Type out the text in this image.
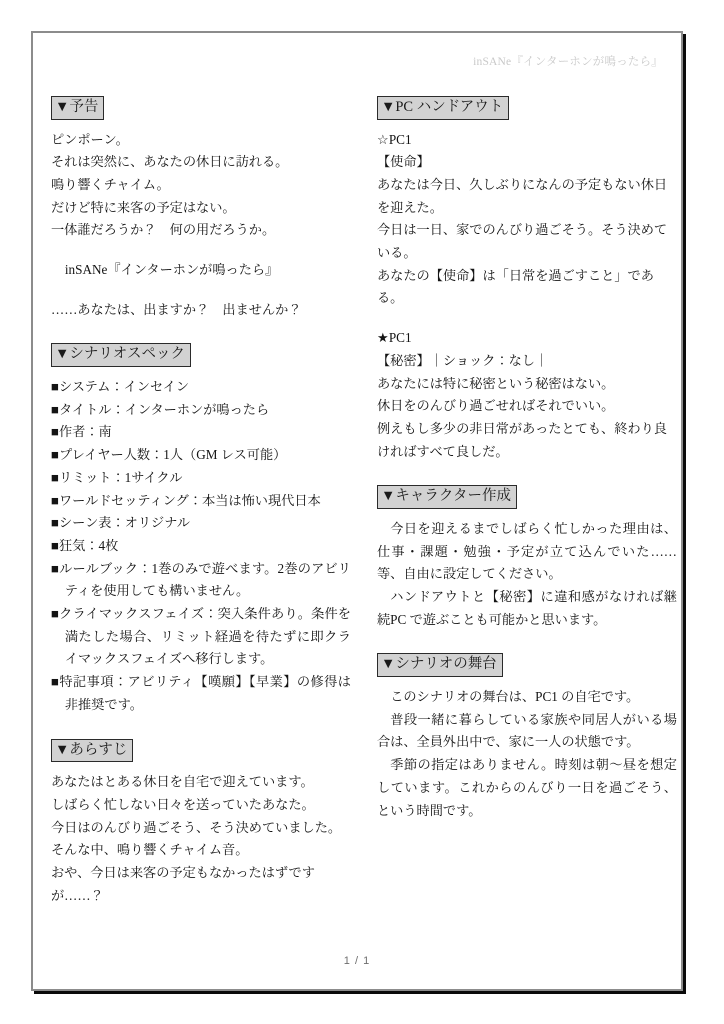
inSANe『インターホンが鳴ったら』
▼予告
ピンポーン。
それは突然に、あなたの休日に訪れる。
鳴り響くチャイム。
だけど特に来客の予定はない。
一体誰だろうか？　何の用だろうか。
inSANe『インターホンが鳴ったら』
……あなたは、出ますか？　出ませんか？
▼シナリオスペック
■システム：インセイン
■タイトル：インターホンが鳴ったら
■作者：南
■プレイヤー人数：1人（GM レス可能）
■リミット：1サイクル
■ワールドセッティング：本当は怖い現代日本
■シーン表：オリジナル
■狂気：4枚
■ルールブック：1巻のみで遊べます。2巻のアビリティを使用しても構いません。
■クライマックスフェイズ：突入条件あり。条件を満たした場合、リミット経過を待たずに即クライマックスフェイズへ移行します。
■特記事項：アビリティ【嘆願】【早業】の修得は非推奨です。
▼あらすじ
あなたはとある休日を自宅で迎えています。
しばらく忙しない日々を送っていたあなた。
今日はのんびり過ごそう、そう決めていました。
そんな中、鳴り響くチャイム音。
おや、今日は来客の予定もなかったはずですが……？
▼PC ハンドアウト
☆PC1
【使命】
あなたは今日、久しぶりになんの予定もない休日を迎えた。
今日は一日、家でのんびり過ごそう。そう決めている。
あなたの【使命】は「日常を過ごすこと」である。
★PC1
【秘密】｜ショック：なし｜
あなたには特に秘密という秘密はない。
休日をのんびり過ごせればそれでいい。
例えもし多少の非日常があったとても、終わり良ければすべて良しだ。
▼キャラクター作成

今日を迎えるまでしばらく忙しかった理由は、仕事・課題・勉強・予定が立て込んでいた……等、自由に設定してください。

ハンドアウトと【秘密】に違和感がなければ継続PC で遊ぶことも可能かと思います。

▼シナリオの舞台

このシナリオの舞台は、PC1 の自宅です。

普段一緒に暮らしている家族や同居人がいる場合は、全員外出中で、家に一人の状態です。

季節の指定はありません。時刻は朝～昼を想定しています。これからのんびり一日を過ごそう、という時間です。

1 / 1
